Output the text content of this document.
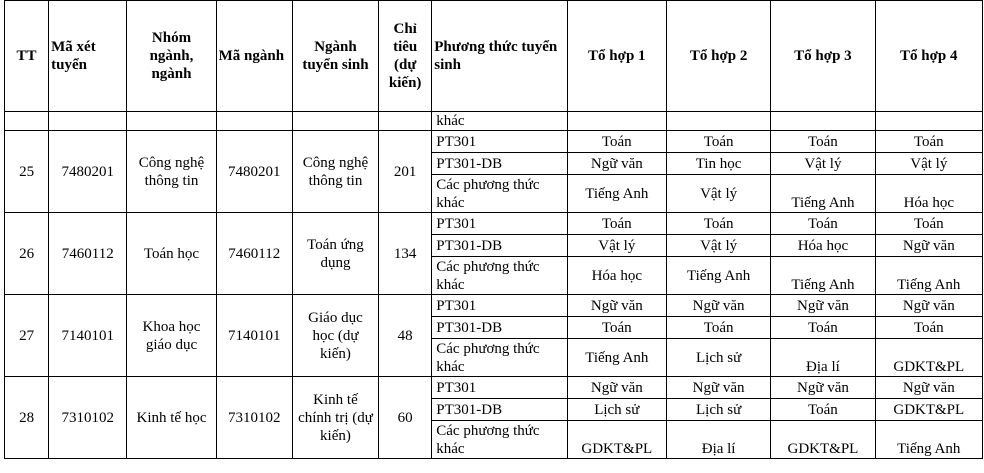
TT	Mã xét tuyển	Nhóm ngành, ngành	Mã ngành	Ngành tuyển sinh	Chỉ tiêu (dự kiến)	Phương thức tuyển sinh	Tổ hợp 1	Tổ hợp 2	Tổ hợp 3	Tổ hợp 4
						khác				
25	7480201	Công nghệ thông tin	7480201	Công nghệ thông tin	201	PT301	Toán	Toán	Toán	Toán
						PT301-DB	Ngữ văn	Tin học	Vật lý	Vật lý
						Các phương thức khác	Tiếng Anh	Vật lý	Tiếng Anh	Hóa học
26	7460112	Toán học	7460112	Toán ứng dụng	134	PT301	Toán	Toán	Toán	Toán
						PT301-DB	Vật lý	Vật lý	Hóa học	Ngữ văn
						Các phương thức khác	Hóa học	Tiếng Anh	Tiếng Anh	Tiếng Anh
27	7140101	Khoa học giáo dục	7140101	Giáo dục học (dự kiến)	48	PT301	Ngữ văn	Ngữ văn	Ngữ văn	Ngữ văn
						PT301-DB	Toán	Toán	Toán	Toán
						Các phương thức khác	Tiếng Anh	Lịch sử	Địa lí	GDKT&PL
28	7310102	Kinh tế học	7310102	Kinh tế chính trị (dự kiến)	60	PT301	Ngữ văn	Ngữ văn	Ngữ văn	Ngữ văn
						PT301-DB	Lịch sử	Lịch sử	Toán	GDKT&PL
						Các phương thức khác	GDKT&PL	Địa lí	GDKT&PL	Tiếng Anh
